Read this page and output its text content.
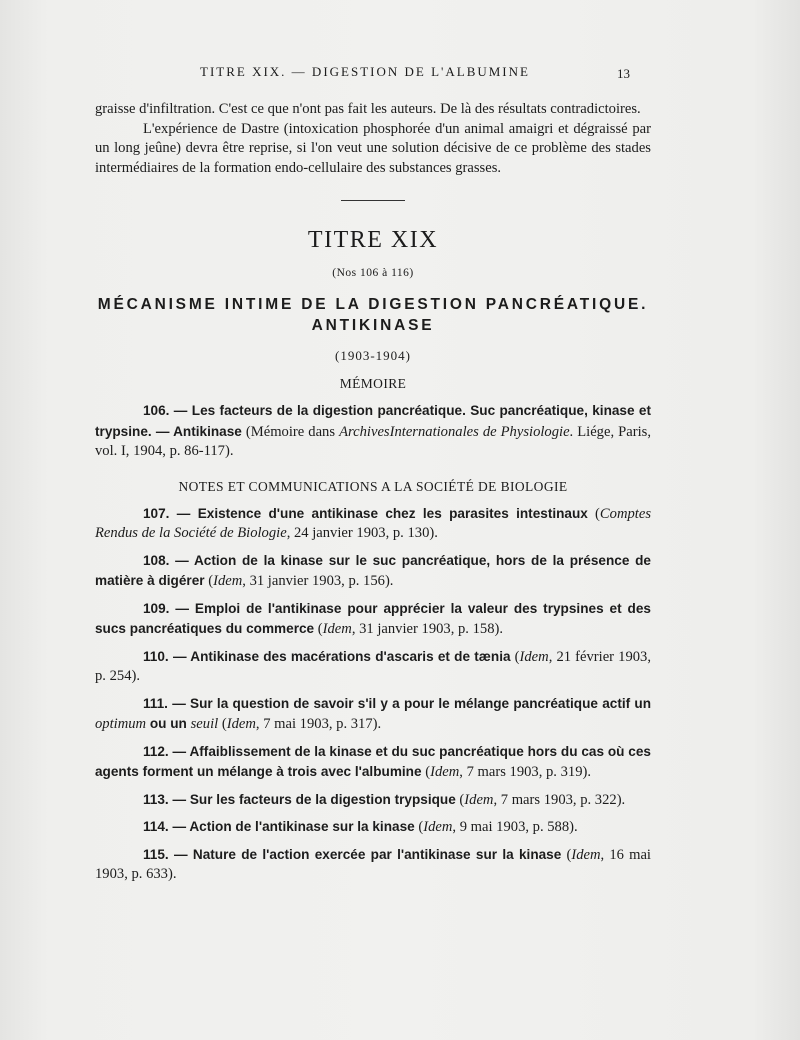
TITRE XIX. — DIGESTION DE L'ALBUMINE	13

graisse d'infiltration. C'est ce que n'ont pas fait les auteurs. De là des résultats contradictoires.

L'expérience de Dastre (intoxication phosphorée d'un animal amaigri et dégraissé par un long jeûne) devra être reprise, si l'on veut une solution décisive de ce problème des stades intermédiaires de la formation endo-cellulaire des substances grasses.

TITRE XIX
(Nos 106 à 116)
MÉCANISME INTIME DE LA DIGESTION PANCRÉATIQUE.
ANTIKINASE
(1903-1904)
MÉMOIRE

106. — Les facteurs de la digestion pancréatique. Suc pancréatique, kinase et trypsine. — Antikinase (Mémoire dans ArchivesInternationales de Physiologie. Liége, Paris, vol. I, 1904, p. 86-117).

NOTES ET COMMUNICATIONS A LA SOCIÉTÉ DE BIOLOGIE

107. — Existence d'une antikinase chez les parasites intestinaux (Comptes Rendus de la Société de Biologie, 24 janvier 1903, p. 130).

108. — Action de la kinase sur le suc pancréatique, hors de la présence de matière à digérer (Idem, 31 janvier 1903, p. 156).

109. — Emploi de l'antikinase pour apprécier la valeur des trypsines et des sucs pancréatiques du commerce (Idem, 31 janvier 1903, p. 158).

110. — Antikinase des macérations d'ascaris et de tænia (Idem, 21 février 1903, p. 254).

111. — Sur la question de savoir s'il y a pour le mélange pancréatique actif un optimum ou un seuil (Idem, 7 mai 1903, p. 317).

112. — Affaiblissement de la kinase et du suc pancréatique hors du cas où ces agents forment un mélange à trois avec l'albumine (Idem, 7 mars 1903, p. 319).

113. — Sur les facteurs de la digestion trypsique (Idem, 7 mars 1903, p. 322).

114. — Action de l'antikinase sur la kinase (Idem, 9 mai 1903, p. 588).

115. — Nature de l'action exercée par l'antikinase sur la kinase (Idem, 16 mai 1903, p. 633).
